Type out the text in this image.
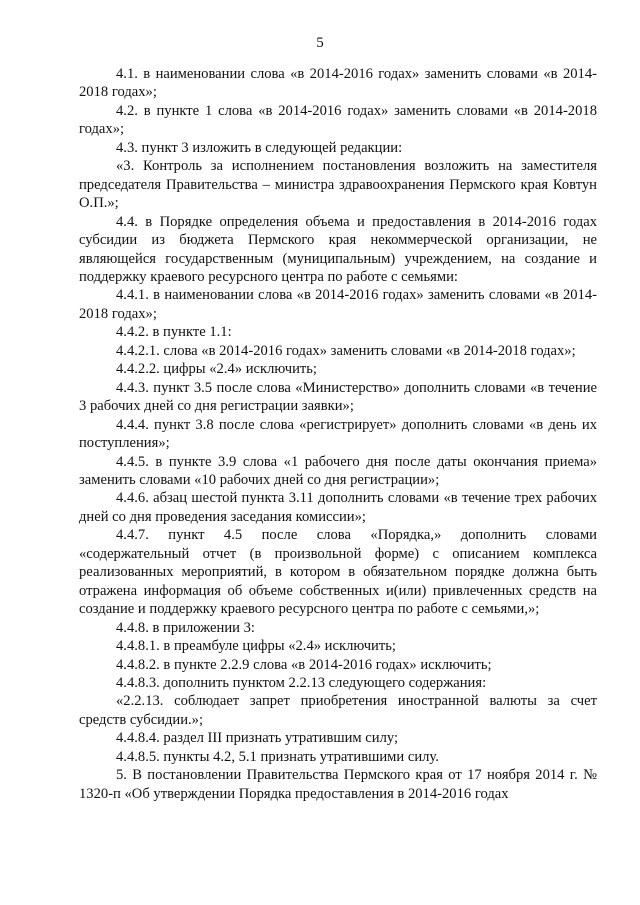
5

4.1. в наименовании слова «в 2014-2016 годах» заменить словами «в 2014-2018 годах»;

4.2. в пункте 1 слова «в 2014-2016 годах» заменить словами «в 2014-2018 годах»;

4.3. пункт 3 изложить в следующей редакции:

«3. Контроль за исполнением постановления возложить на заместителя председателя Правительства – министра здравоохранения Пермского края Ковтун О.П.»;

4.4. в Порядке определения объема и предоставления в 2014-2016 годах субсидии из бюджета Пермского края некоммерческой организации, не являющейся государственным (муниципальным) учреждением, на создание и поддержку краевого ресурсного центра по работе с семьями:

4.4.1. в наименовании слова «в 2014-2016 годах» заменить словами «в 2014-2018 годах»;

4.4.2. в пункте 1.1:

4.4.2.1. слова «в 2014-2016 годах» заменить словами «в 2014-2018 годах»;

4.4.2.2. цифры «2.4» исключить;

4.4.3. пункт 3.5 после слова «Министерство» дополнить словами «в течение 3 рабочих дней со дня регистрации заявки»;

4.4.4. пункт 3.8 после слова «регистрирует» дополнить словами «в день их поступления»;

4.4.5. в пункте 3.9 слова «1 рабочего дня после даты окончания приема» заменить словами «10 рабочих дней со дня регистрации»;

4.4.6. абзац шестой пункта 3.11 дополнить словами «в течение трех рабочих дней со дня проведения заседания комиссии»;

4.4.7. пункт 4.5 после слова «Порядка,» дополнить словами «содержательный отчет (в произвольной форме) с описанием комплекса реализованных мероприятий, в котором в обязательном порядке должна быть отражена информация об объеме собственных и(или) привлеченных средств на создание и поддержку краевого ресурсного центра по работе с семьями,»;

4.4.8. в приложении 3:

4.4.8.1. в преамбуле цифры «2.4» исключить;

4.4.8.2. в пункте 2.2.9 слова «в 2014-2016 годах» исключить;

4.4.8.3. дополнить пунктом 2.2.13 следующего содержания:

«2.2.13. соблюдает запрет приобретения иностранной валюты за счет средств субсидии.»;

4.4.8.4. раздел III признать утратившим силу;

4.4.8.5. пункты 4.2, 5.1 признать утратившими силу.

5. В постановлении Правительства Пермского края от 17 ноября 2014 г. № 1320-п «Об утверждении Порядка предоставления в 2014-2016 годах
